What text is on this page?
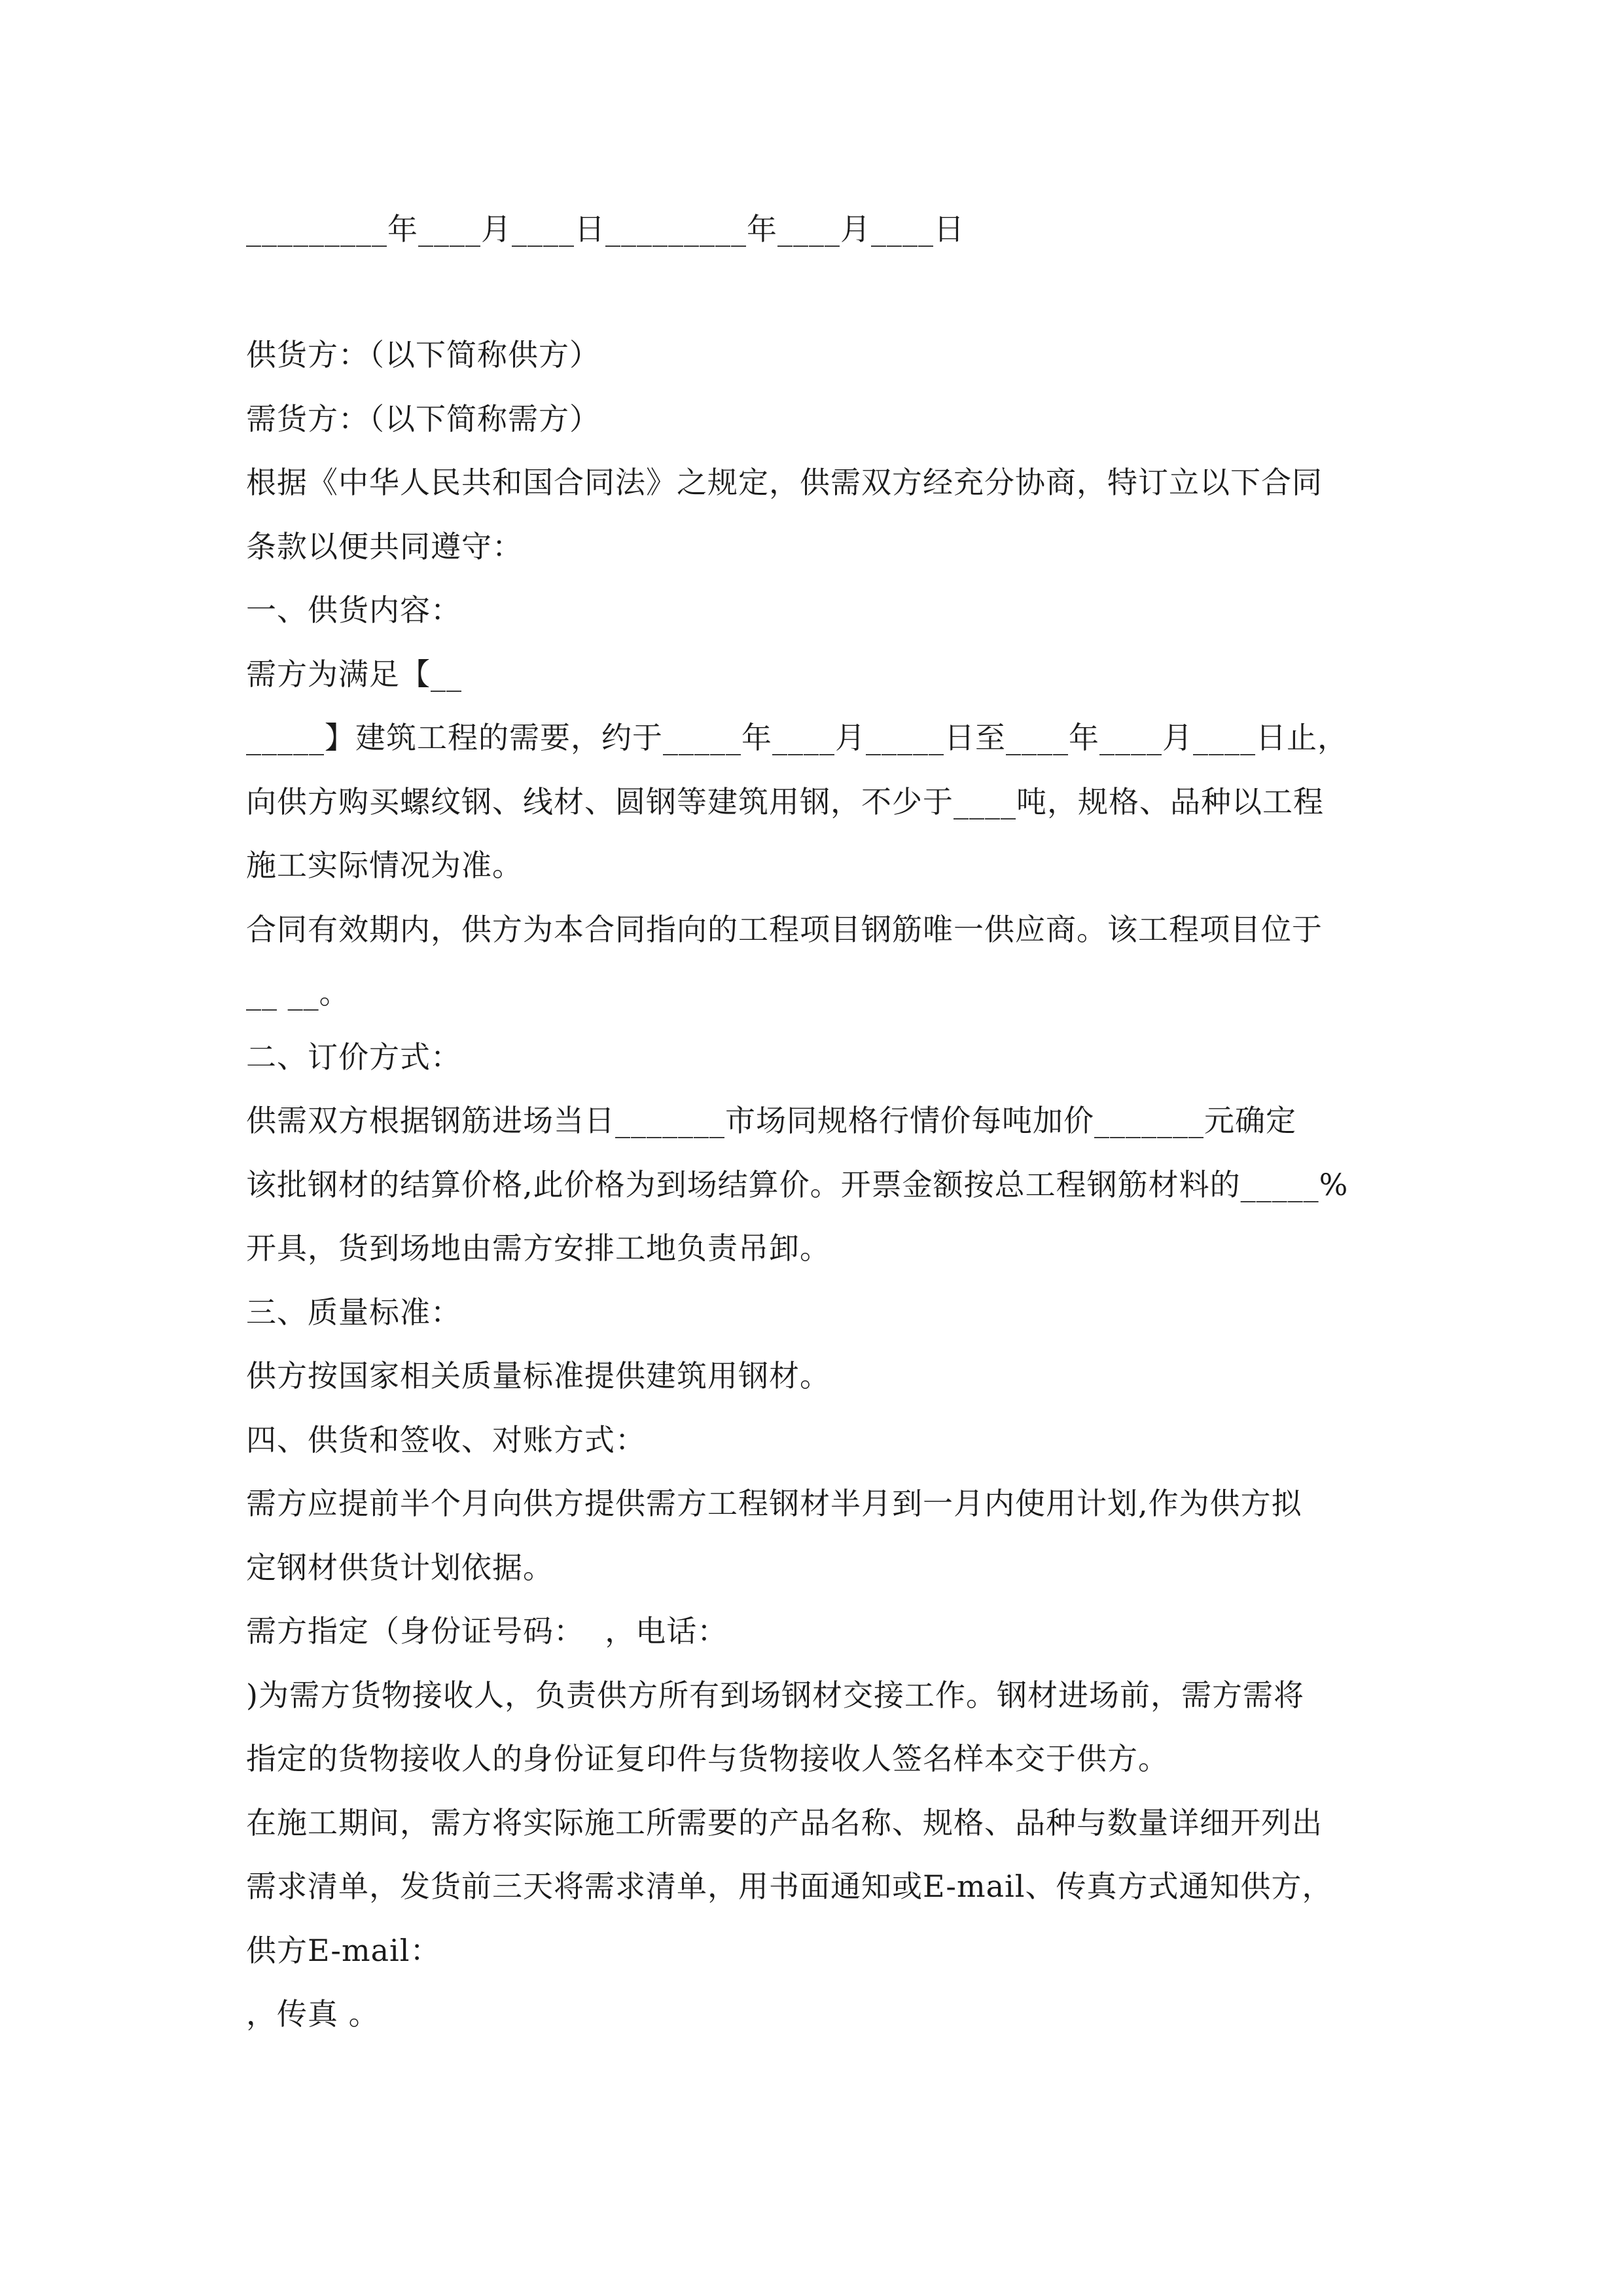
_________年____月____日_________年____月____日
供货方：（以下简称供方）
需货方：（以下简称需方）
根据《中华人民共和国合同法》之规定，供需双方经充分协商，特订立以下合同
条款以便共同遵守：
一、供货内容：
需方为满足【__
_____】建筑工程的需要，约于_____年____月_____日至____年____月____日止，
向供方购买螺纹钢、线材、圆钢等建筑用钢，不少于____吨，规格、品种以工程
施工实际情况为准。
合同有效期内，供方为本合同指向的工程项目钢筋唯一供应商。该工程项目位于
__ __。
二、订价方式：
供需双方根据钢筋进场当日_______市场同规格行情价每吨加价_______元确定
该批钢材的结算价格,此价格为到场结算价。开票金额按总工程钢筋材料的_____%
开具，货到场地由需方安排工地负责吊卸。
三、质量标准：
供方按国家相关质量标准提供建筑用钢材。
四、供货和签收、对账方式：
需方应提前半个月向供方提供需方工程钢材半月到一月内使用计划,作为供方拟
定钢材供货计划依据。
需方指定（身份证号码：  ，电话：
)为需方货物接收人，负责供方所有到场钢材交接工作。钢材进场前，需方需将
指定的货物接收人的身份证复印件与货物接收人签名样本交于供方。
在施工期间，需方将实际施工所需要的产品名称、规格、品种与数量详细开列出
需求清单，发货前三天将需求清单，用书面通知或E-mail、传真方式通知供方，
供方E-mail：
，传真 。
